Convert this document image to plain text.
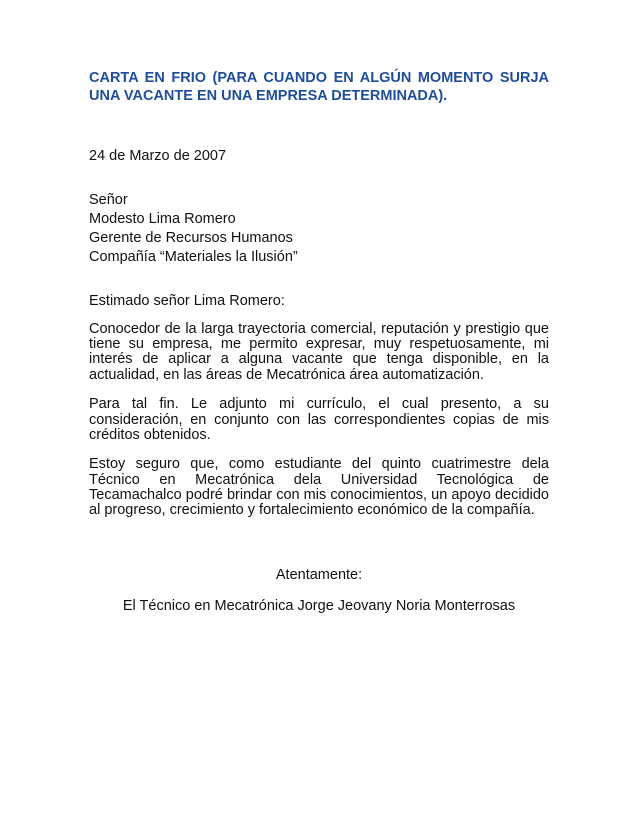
CARTA EN FRIO (PARA CUANDO EN ALGÚN MOMENTO SURJA UNA VACANTE EN UNA EMPRESA DETERMINADA).

24 de Marzo de 2007
Señor
Modesto Lima Romero
Gerente de Recursos Humanos
Compañía “Materiales la Ilusión”
Estimado señor Lima Romero:

Conocedor de la larga trayectoria comercial, reputación y prestigio que tiene su empresa, me permito expresar, muy respetuosamente, mi interés de aplicar a alguna vacante que tenga disponible, en la actualidad, en las áreas de Mecatrónica área automatización.

Para tal fin. Le adjunto mi currículo, el cual presento, a su consideración, en conjunto con las correspondientes copias de mis créditos obtenidos.

Estoy seguro que, como estudiante del quinto cuatrimestre dela Técnico en Mecatrónica dela Universidad Tecnológica de Tecamachalco podré brindar con mis conocimientos, un apoyo decidido al progreso, crecimiento y fortalecimiento económico de la compañía.

Atentamente:
El Técnico en Mecatrónica Jorge Jeovany Noria Monterrosas
